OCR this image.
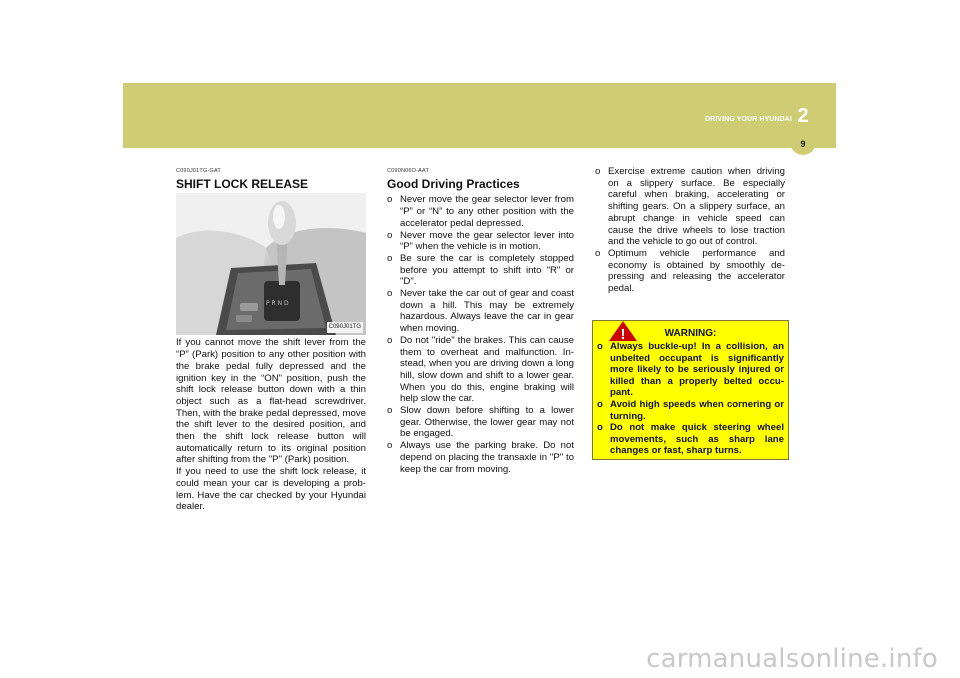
DRIVING YOUR HYUNDAI 2
9
C090J01TG-GAT
SHIFT LOCK RELEASE
P R N D
C090J01TG
If you cannot move the shift lever from the “P” (Park) position to any other position with the brake pedal fully depressed and the ignition key in the “ON” position, push the shift lock release button down with a thin object such as a flat-head screwdriver. Then, with the brake pedal depressed, move the shift lever to the desired position, and then the shift lock release button will automatically return to its original position after shifting from the "P" (Park) position.
If you need to use the shift lock release, it could mean your car is developing a prob-lem. Have the car checked by your Hyundai dealer.
C090N06O-AAT
Good Driving Practices
o Never move the gear selector lever from “P” or “N” to any other position with the accelerator pedal depressed.
o Never move the gear selector lever into “P” when the vehicle is in motion.
o Be sure the car is completely stopped before you attempt to shift into "R" or "D".
o Never take the car out of gear and coast down a hill. This may be extremely hazardous. Always leave the car in gear when moving.
o Do not "ride" the brakes. This can cause them to overheat and malfunction. In-stead, when you are driving down a long hill, slow down and shift to a lower gear. When you do this, engine braking will help slow the car.
o Slow down before shifting to a lower gear. Otherwise, the lower gear may not be engaged.
o Always use the parking brake. Do not depend on placing the transaxle in "P" to keep the car from moving.
o Exercise extreme caution when driving on a slippery surface. Be especially careful when braking, accelerating or shifting gears. On a slippery surface, an abrupt change in vehicle speed can cause the drive wheels to lose traction and the vehicle to go out of control.
o Optimum vehicle performance and economy is obtained by smoothly de-pressing and releasing the accelerator pedal.
!	WARNING:
o Always buckle-up! In a collision, an unbelted occupant is significantly more likely to be seriously injured or killed than a properly belted occu-pant.
o Avoid high speeds when cornering or turning.
o Do not make quick steering wheel movements, such as sharp lane changes or fast, sharp turns.
carmanualsonline.info
